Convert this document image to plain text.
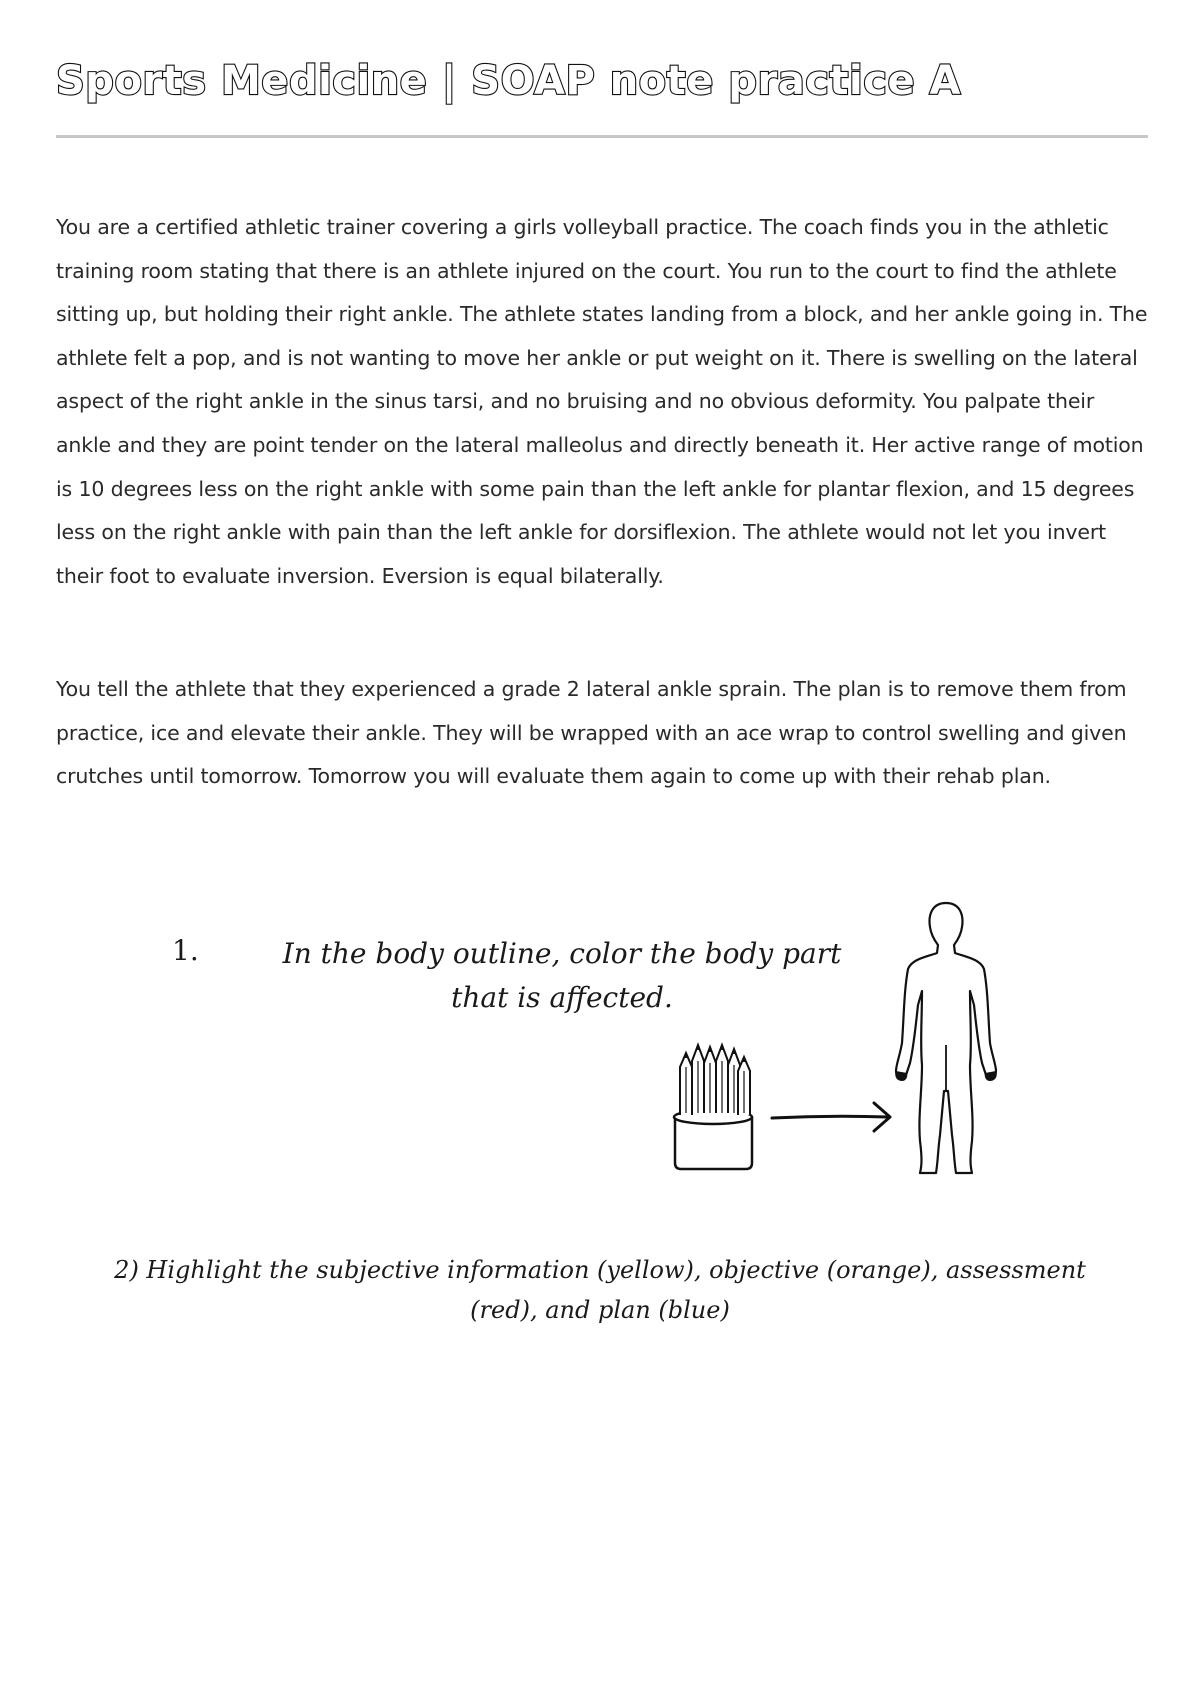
Sports Medicine | SOAP note practice A

You are a certified athletic trainer covering a girls volleyball practice. The coach finds you in the athletic training room stating that there is an athlete injured on the court. You run to the court to find the athlete sitting up, but holding their right ankle. The athlete states landing from a block, and her ankle going in. The athlete felt a pop, and is not wanting to move her ankle or put weight on it. There is swelling on the lateral aspect of the right ankle in the sinus tarsi, and no bruising and no obvious deformity. You palpate their ankle and they are point tender on the lateral malleolus and directly beneath it. Her active range of motion is 10 degrees less on the right ankle with some pain than the left ankle for plantar flexion, and 15 degrees less on the right ankle with pain than the left ankle for dorsiflexion. The athlete would not let you invert their foot to evaluate inversion. Eversion is equal bilaterally.

You tell the athlete that they experienced a grade 2 lateral ankle sprain. The plan is to remove them from practice, ice and elevate their ankle. They will be wrapped with an ace wrap to control swelling and given crutches until tomorrow. Tomorrow you will evaluate them again to come up with their rehab plan.

1.	In the body outline, color the body part that is affected.

2) Highlight the subjective information (yellow), objective (orange), assessment (red), and plan (blue)
